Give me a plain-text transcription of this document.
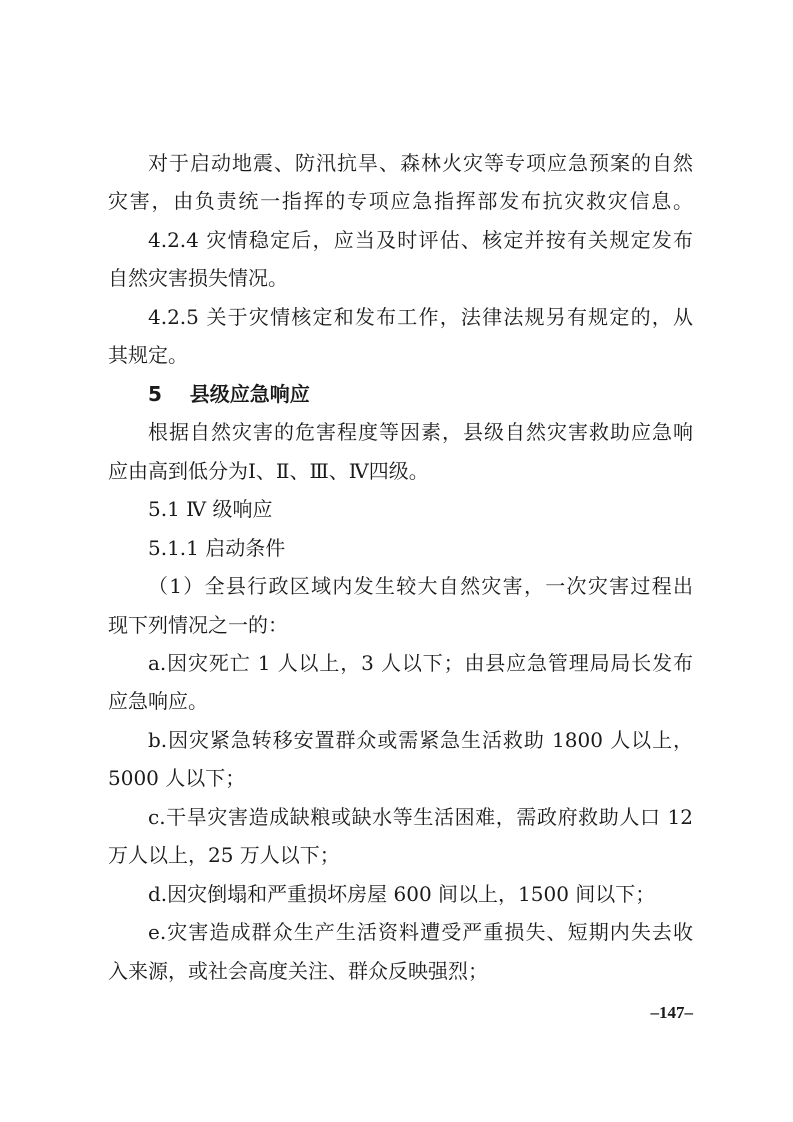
对于启动地震、防汛抗旱、森林火灾等专项应急预案的自然
灾害，由负责统一指挥的专项应急指挥部发布抗灾救灾信息。
4.2.4 灾情稳定后，应当及时评估、核定并按有关规定发布
自然灾害损失情况。
4.2.5 关于灾情核定和发布工作，法律法规另有规定的，从
其规定。
5    县级应急响应
根据自然灾害的危害程度等因素，县级自然灾害救助应急响
应由高到低分为Ⅰ、Ⅱ、Ⅲ、Ⅳ四级。
5.1 Ⅳ 级响应
5.1.1 启动条件
（1）全县行政区域内发生较大自然灾害，一次灾害过程出
现下列情况之一的：
a.因灾死亡 1 人以上，3 人以下；由县应急管理局局长发布
应急响应。
b.因灾紧急转移安置群众或需紧急生活救助 1800 人以上，
5000 人以下；
c.干旱灾害造成缺粮或缺水等生活困难，需政府救助人口 12
万人以上，25 万人以下；
d.因灾倒塌和严重损坏房屋 600 间以上，1500 间以下；
e.灾害造成群众生产生活资料遭受严重损失、短期内失去收
入来源，或社会高度关注、群众反映强烈；
–147–
